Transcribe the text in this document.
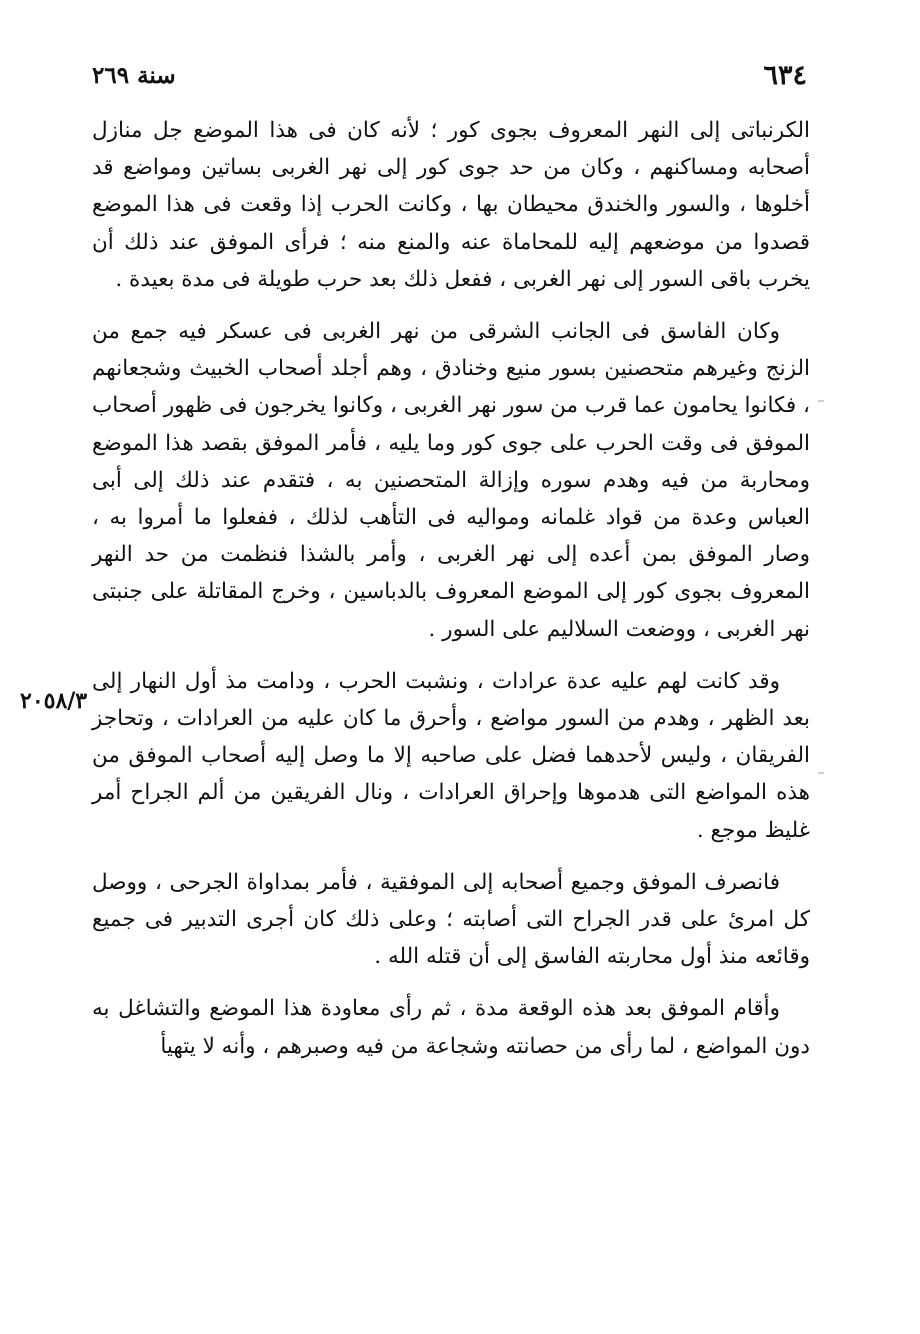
٦٣٤
سنة ٢٦٩

الكرنباتى إلى النهر المعروف بجوى كور ؛ لأنه كان فى هذا الموضع جل منازل أصحابه ومساكنهم ، وكان من حد جوى كور إلى نهر الغربى بساتين ومواضع قد أخلوها ، والسور والخندق محيطان بها ، وكانت الحرب إذا وقعت فى هذا الموضع قصدوا من موضعهم إليه للمحاماة عنه والمنع منه ؛ فرأى الموفق عند ذلك أن يخرب باقى السور إلى نهر الغربى ، ففعل ذلك بعد حرب طويلة فى مدة بعيدة .

وكان الفاسق فى الجانب الشرقى من نهر الغربى فى عسكر فيه جمع من الزنج وغيرهم متحصنين بسور منيع وخنادق ، وهم أجلد أصحاب الخبيث وشجعانهم ، فكانوا يحامون عما قرب من سور نهر الغربى ، وكانوا يخرجون فى ظهور أصحاب الموفق فى وقت الحرب على جوى كور وما يليه ، فأمر الموفق بقصد هذا الموضع ومحاربة من فيه وهدم سوره وإزالة المتحصنين به ، فتقدم عند ذلك إلى أبى العباس وعدة من قواد غلمانه ومواليه فى التأهب لذلك ، ففعلوا ما أمروا به ، وصار الموفق بمن أعده إلى نهر الغربى ، وأمر بالشذا فنظمت من حد النهر المعروف بجوى كور إلى الموضع المعروف بالدباسين ، وخرج المقاتلة على جنبتى نهر الغربى ، ووضعت السلاليم على السور .

وقد كانت لهم عليه عدة عرادات ، ونشبت الحرب ، ودامت مذ أول النهار إلى بعد الظهر ، وهدم من السور مواضع ، وأحرق ما كان عليه من العرادات ، وتحاجز الفريقان ، وليس لأحدهما فضل على صاحبه إلا ما وصل إليه أصحاب الموفق من هذه المواضع التى هدموها وإحراق العرادات ، ونال الفريقين من ألم الجراح أمر غليظ موجع .

فانصرف الموفق وجميع أصحابه إلى الموفقية ، فأمر بمداواة الجرحى ، ووصل كل امرئ على قدر الجراح التى أصابته ؛ وعلى ذلك كان أجرى التدبير فى جميع وقائعه منذ أول محاربته الفاسق إلى أن قتله الله .

وأقام الموفق بعد هذه الوقعة مدة ، ثم رأى معاودة هذا الموضع والتشاغل به دون المواضع ، لما رأى من حصانته وشجاعة من فيه وصبرهم ، وأنه لا يتهيأ

٢٠٥٨/٣
